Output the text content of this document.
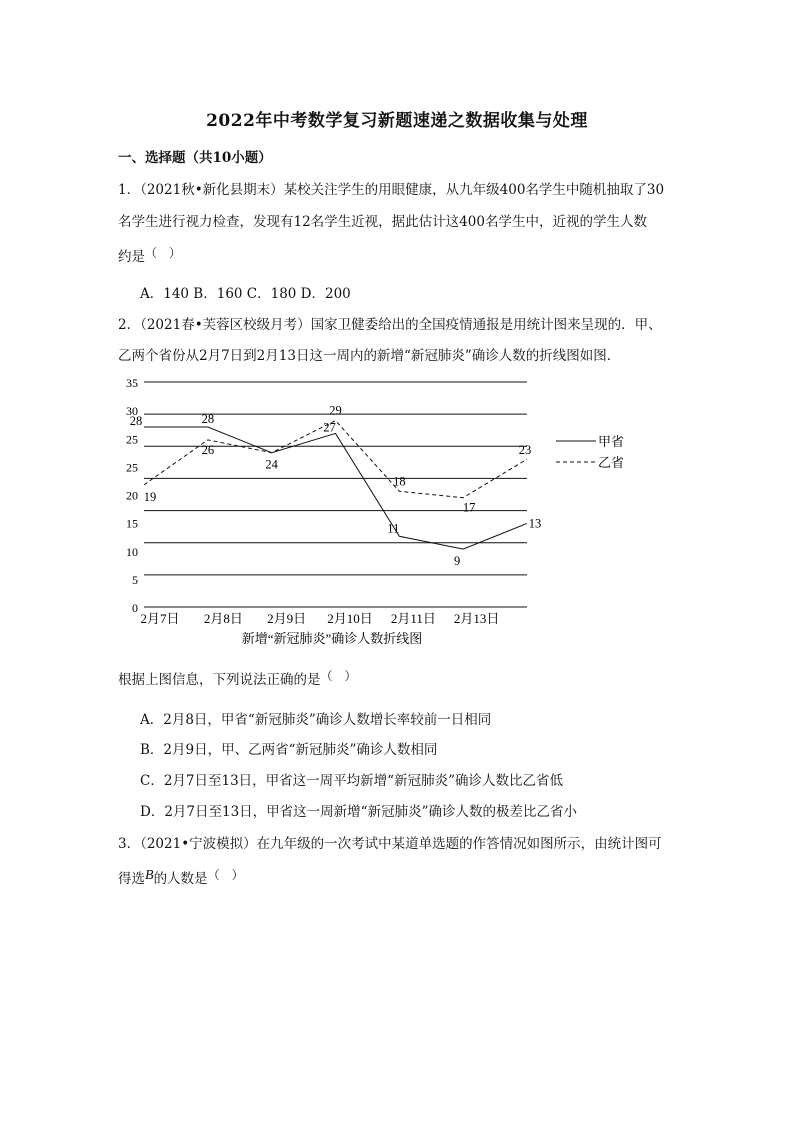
2022年中考数学复习新题速递之数据收集与处理
一、选择题（共10小题）
1．（2021秋•新化县期末）某校关注学生的用眼健康，从九年级400名学生中随机抽取了30
名学生进行视力检查，发现有12名学生近视，据此估计这400名学生中，近视的学生人数
约是（　）
A．140 B．160 C．180 D．200
2．（2021春•芙蓉区校级月考）国家卫健委给出的全国疫情通报是用统计图来呈现的．甲、
乙两个省份从2月7日到2月13日这一周内的新增“新冠肺炎”确诊人数的折线图如图．
0
5
10
15
20
25
25
30
35
2月7日 2月8日 2月9日 2月10日 2月11日 2月13日
28	28
24
27
11
9
13
19
26
29
18
17
23
甲省
乙省
新增“新冠肺炎”确诊人数折线图
根据上图信息，下列说法正确的是（　）
A．2月8日，甲省“新冠肺炎”确诊人数增长率较前一日相同
B．2月9日，甲、乙两省“新冠肺炎”确诊人数相同
C．2月7日至13日，甲省这一周平均新增“新冠肺炎”确诊人数比乙省低
D．2月7日至13日，甲省这一周新增“新冠肺炎”确诊人数的极差比乙省小
3．（2021•宁波模拟）在九年级的一次考试中某道单选题的作答情况如图所示，由统计图可
得选B的人数是（　）
